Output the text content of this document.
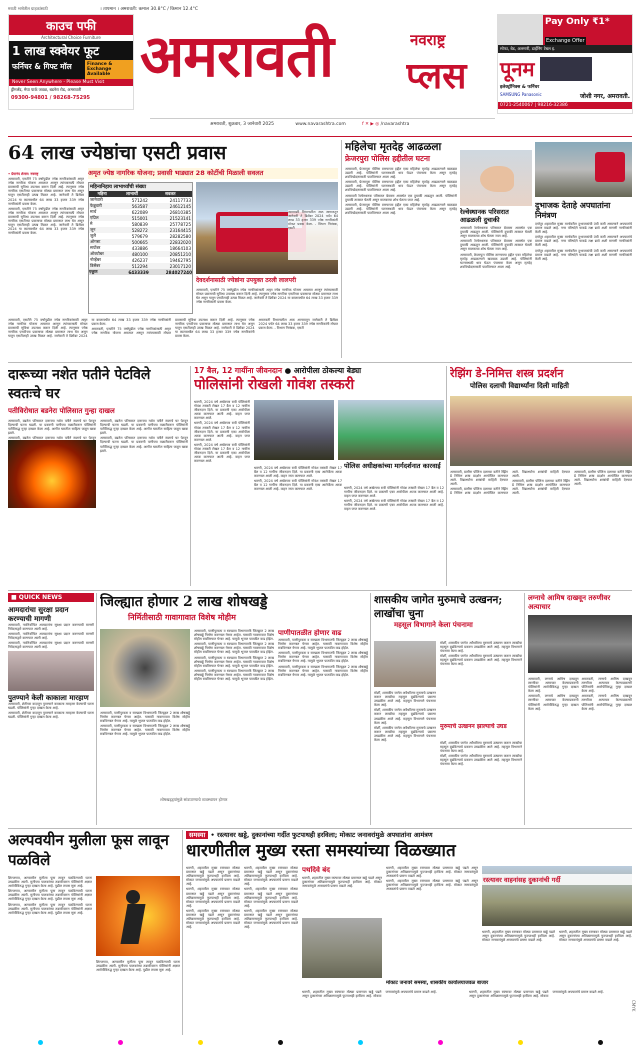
मराठी भाषेतील ग्राहकांसाठी	। तापमान । अमरावती: कमाल 30.8°C / किमान 12.4°C
काउच पफी
Architectural Choice Furniture
1 लाख स्क्वेयर फूट
फर्निचर & गिफ्ट मॉल	Finance & Exchange Available
Never Seen Anywhere - Please Must Visit
ड्रीमलँड, मेघा पार्क जवळ, बडनेरा रोड, अमरावती
09300-94801 / 98268-75295
अमरावती	नवराष्ट्र
प्लस
अमरावती, शुक्रवार, 3 जानेवारी 2025	www.navarashtra.com	f ✕ ▶ ◎ /navarashtra
Pay Only ₹1*
Exchange Offer
सोफा, बेड, अलमारी, डाईनिंग टेबल इ.
पूनम
इलेक्ट्रॉनिक्स & फर्निचर
SAMSUNG Panasonic	जोशी नगर, अमरावती.
0721-2540067 | 98216-32386
64 लाख ज्येष्ठांचा एसटी प्रवास

• प्रेमानंद शेलार। नवराष्ट्र

अमरावती, एसटीने 75 वर्षांपुढील ज्येष्ठ नागरिकांसाठी अमृत ज्येष्ठ नागरिक योजना अमलात आणून त्यांच्यासाठी मोफत प्रवासाची सुविधा उपलब्ध करून दिली आहे. त्यानुसार ज्येष्ठ नागरिक एसटीच्या प्रवासाचा मोठ्या प्रमाणात लाभ घेत असून यातून एसटीलाही उत्पन्न मिळत आहे. जानेवारी ते डिसेंबर 2024 या कालावधीत 64 लाख 33 हजार 339 ज्येष्ठ नागरिकांनी प्रवास केला.

अमरावती, एसटीने 75 वर्षांपुढील ज्येष्ठ नागरिकांसाठी अमृत ज्येष्ठ नागरिक योजना अमलात आणून त्यांच्यासाठी मोफत प्रवासाची सुविधा उपलब्ध करून दिली आहे. त्यानुसार ज्येष्ठ नागरिक एसटीच्या प्रवासाचा मोठ्या प्रमाणात लाभ घेत असून यातून एसटीलाही उत्पन्न मिळत आहे. जानेवारी ते डिसेंबर 2024 या कालावधीत 64 लाख 33 हजार 339 ज्येष्ठ नागरिकांनी प्रवास केला.

अमृत ज्येष्ठ नागरिक योजना; प्रवासी भाड्यात 28 कोटींची मिळाली सवलत
महिनानिहाय लाभार्थ्यांची संख्या
महिना	लाभार्थी	सवलत
जानेवारी	571242	24117733
फेब्रुवारी	563587	24612145
मार्च	622089	26810385
एप्रिल	515001	21523141
मे	580839	25778725
जून	528272	23164415
जुलै	579679	28282580
ऑगस्ट	500665	22832020
सप्टेंबर	433886	18664103
ऑक्टोबर	480100	20851210
नोव्हेंबर	426237	19462795
डिसेंबर	512294	23017120
एकूण	6433339	284027240
देवदर्शनासाठी ज्येष्ठांना उपयुक्त ठरली लालपरी

अमरावती, एसटीने 75 वर्षांपुढील ज्येष्ठ नागरिकांसाठी अमृत ज्येष्ठ नागरिक योजना अमलात आणून त्यांच्यासाठी मोफत प्रवासाची सुविधा उपलब्ध करून दिली आहे. त्यानुसार ज्येष्ठ नागरिक एसटीच्या प्रवासाचा मोठ्या प्रमाणात लाभ घेत असून यातून एसटीलाही उत्पन्न मिळत आहे. जानेवारी ते डिसेंबर 2024 या कालावधीत 64 लाख 33 हजार 339 ज्येष्ठ नागरिकांनी प्रवास केला.

अमरावती विभागातील आठ आगारातून जानेवारी ते डिसेंबर 2024 पर्यंत 64 लाख 33 हजार 339 ज्येष्ठ नागरिकांनी मोफत प्रवास केला. - विभाग नियंत्रक, एसटी

अमरावती, एसटीने 75 वर्षांपुढील ज्येष्ठ नागरिकांसाठी अमृत ज्येष्ठ नागरिक योजना अमलात आणून त्यांच्यासाठी मोफत प्रवासाची सुविधा उपलब्ध करून दिली आहे. त्यानुसार ज्येष्ठ नागरिक एसटीच्या प्रवासाचा मोठ्या प्रमाणात लाभ घेत असून यातून एसटीलाही उत्पन्न मिळत आहे. जानेवारी ते डिसेंबर 2024 या कालावधीत 64 लाख 33 हजार 339 ज्येष्ठ नागरिकांनी प्रवास केला.

अमरावती, एसटीने 75 वर्षांपुढील ज्येष्ठ नागरिकांसाठी अमृत ज्येष्ठ नागरिक योजना अमलात आणून त्यांच्यासाठी मोफत प्रवासाची सुविधा उपलब्ध करून दिली आहे. त्यानुसार ज्येष्ठ नागरिक एसटीच्या प्रवासाचा मोठ्या प्रमाणात लाभ घेत असून यातून एसटीलाही उत्पन्न मिळत आहे. जानेवारी ते डिसेंबर 2024 या कालावधीत 64 लाख 33 हजार 339 ज्येष्ठ नागरिकांनी प्रवास केला.

अमरावती विभागातील आठ आगारातून जानेवारी ते डिसेंबर 2024 पर्यंत 64 लाख 33 हजार 339 ज्येष्ठ नागरिकांनी मोफत प्रवास केला. - विभाग नियंत्रक, एसटी

महिलेचा मृतदेह आढळला
फ्रेजरपुरा पोलिस हद्दीतील घटना

अमरावती, फ्रेजरपुरा पोलिस ठाण्याच्या हद्दीत एका महिलेचा मृतदेह आढळल्याने खळबळ उडाली आहे. पोलिसांनी घटनास्थळी धाव घेऊन पंचनामा केला असून मृतदेह शवविच्छेदनासाठी पाठविण्यात आला आहे.

अमरावती, फ्रेजरपुरा पोलिस ठाण्याच्या हद्दीत एका महिलेचा मृतदेह आढळल्याने खळबळ उडाली आहे. पोलिसांनी घटनास्थळी धाव घेऊन पंचनामा केला असून मृतदेह शवविच्छेदनासाठी पाठविण्यात आला आहे.

अमरावती रेल्वेस्थानक परिसरात बेवारस अवस्थेत एक दुचाकी आढळून आली. पोलिसांनी दुचाकी ताब्यात घेतली असून मालकाचा शोध घेतला जात आहे.

अमरावती, फ्रेजरपुरा पोलिस ठाण्याच्या हद्दीत एका महिलेचा मृतदेह आढळल्याने खळबळ उडाली आहे. पोलिसांनी घटनास्थळी धाव घेऊन पंचनामा केला असून मृतदेह शवविच्छेदनासाठी पाठविण्यात आला आहे.	रेल्वेस्थानक परिसरात आढळली दुचाकी

अमरावती रेल्वेस्थानक परिसरात बेवारस अवस्थेत एक दुचाकी आढळून आली. पोलिसांनी दुचाकी ताब्यात घेतली असून मालकाचा शोध घेतला जात आहे.

अमरावती रेल्वेस्थानक परिसरात बेवारस अवस्थेत एक दुचाकी आढळून आली. पोलिसांनी दुचाकी ताब्यात घेतली असून मालकाचा शोध घेतला जात आहे.

अमरावती, फ्रेजरपुरा पोलिस ठाण्याच्या हद्दीत एका महिलेचा मृतदेह आढळल्याने खळबळ उडाली आहे. पोलिसांनी घटनास्थळी धाव घेऊन पंचनामा केला असून मृतदेह शवविच्छेदनासाठी पाठविण्यात आला आहे.

दुभाजक देताहे अपघातांना निमंत्रण

दर्यापूर शहरातील मुख्य मार्गावरील दुभाजकांची उंची कमी असल्याने अपघातांचे प्रमाण वाढले आहे. नगर परिषदेने याकडे लक्ष द्यावे अशी मागणी नागरिकांनी केली आहे.

दर्यापूर शहरातील मुख्य मार्गावरील दुभाजकांची उंची कमी असल्याने अपघातांचे प्रमाण वाढले आहे. नगर परिषदेने याकडे लक्ष द्यावे अशी मागणी नागरिकांनी केली आहे.

दर्यापूर शहरातील मुख्य मार्गावरील दुभाजकांची उंची कमी असल्याने अपघातांचे प्रमाण वाढले आहे. नगर परिषदेने याकडे लक्ष द्यावे अशी मागणी नागरिकांनी केली आहे.

दारूच्या नशेत पतीने पेटविले स्वतःचे घर
पतीविरोधात बडनेरा पोलिसात गुन्हा दाखल

अमरावती, बडनेरा परिसरात दारूच्या नशेत पतीने स्वतःचे घर पेटवून दिल्याची घटना घडली. या प्रकरणी पत्नीच्या तक्रारीवरून पोलिसांनी पतीविरुद्ध गुन्हा दाखल केला आहे. आगीत घरातील साहित्य जळून खाक झाले.

अमरावती, बडनेरा परिसरात दारूच्या नशेत पतीने स्वतःचे घर पेटवून

अमरावती, बडनेरा परिसरात दारूच्या नशेत पतीने स्वतःचे घर पेटवून दिल्याची घटना घडली. या प्रकरणी पत्नीच्या तक्रारीवरून पोलिसांनी पतीविरुद्ध गुन्हा दाखल केला आहे. आगीत घरातील साहित्य जळून खाक झाले.

अमरावती, बडनेरा परिसरात दारूच्या नशेत पतीने स्वतःचे घर पेटवून दिल्याची घटना घडली. या प्रकरणी पत्नीच्या तक्रारीवरून पोलिसांनी पतीविरुद्ध गुन्हा दाखल केला आहे. आगीत घरातील साहित्य जळून खाक झाले.

17 बैल, 12 गायींना जीवनदान ● आरोपीला ठोकल्या बेड्या
पोलिसांनी रोखली गोवंश तस्करी

धारणी, 2024 वर्ष अखेरच्या रात्री पोलिसांनी गोवंश तस्करी रोखत 17 बैल व 12 गायींना जीवनदान दिले. या प्रकरणी एका आरोपीला अटक करण्यात आली आहे. वाहन जप्त करण्यात आले.

धारणी, 2024 वर्ष अखेरच्या रात्री पोलिसांनी गोवंश तस्करी रोखत 17 बैल व 12 गायींना जीवनदान दिले. या प्रकरणी एका आरोपीला अटक करण्यात आली आहे. वाहन जप्त करण्यात आले.

धारणी, 2024 वर्ष अखेरच्या रात्री पोलिसांनी गोवंश तस्करी रोखत 17 बैल व 12 गायींना जीवनदान दिले. या प्रकरणी एका आरोपीला अटक करण्यात आली आहे. वाहन जप्त करण्यात आले.

पोलिस अधीक्षकांच्या मार्गदर्शनात कारवाई

धारणी, 2024 वर्ष अखेरच्या रात्री पोलिसांनी गोवंश तस्करी रोखत 17 बैल व 12 गायींना जीवनदान दिले. या प्रकरणी एका आरोपीला अटक करण्यात आली आहे. वाहन जप्त करण्यात आले.

धारणी, 2024 वर्ष अखेरच्या रात्री पोलिसांनी गोवंश तस्करी रोखत 17 बैल व 12 गायींना जीवनदान दिले. या प्रकरणी एका आरोपीला अटक करण्यात आली आहे. वाहन जप्त करण्यात आले.	धारणी, 2024 वर्ष अखेरच्या रात्री पोलिसांनी गोवंश तस्करी रोखत 17 बैल व 12 गायींना जीवनदान दिले. या प्रकरणी एका आरोपीला अटक करण्यात आली आहे. वाहन जप्त करण्यात आले.

धारणी, 2024 वर्ष अखेरच्या रात्री पोलिसांनी गोवंश तस्करी रोखत 17 बैल व 12 गायींना जीवनदान दिले. या प्रकरणी एका आरोपीला अटक करण्यात आली आहे. वाहन जप्त करण्यात आले.

रेझिंग डे-निमित्त शस्त्र प्रदर्शन
पोलिस दलाची विद्यार्थ्यांना दिली माहिती

अमरावती, ग्रामीण पोलिस दलाच्या वतीने रेझिंग डे निमित्त शस्त्र प्रदर्शन आयोजित करण्यात आले. विद्यार्थ्यांना शस्त्रांची माहिती देण्यात आली.

अमरावती, ग्रामीण पोलिस दलाच्या वतीने रेझिंग डे निमित्त शस्त्र प्रदर्शन आयोजित करण्यात आले. विद्यार्थ्यांना शस्त्रांची माहिती देण्यात आली.

अमरावती, ग्रामीण पोलिस दलाच्या वतीने रेझिंग डे निमित्त शस्त्र प्रदर्शन आयोजित करण्यात आले. विद्यार्थ्यांना शस्त्रांची माहिती देण्यात आली.

अमरावती, ग्रामीण पोलिस दलाच्या वतीने रेझिंग डे निमित्त शस्त्र प्रदर्शन आयोजित करण्यात आले. विद्यार्थ्यांना शस्त्रांची माहिती देण्यात आली.

■ QUICK NEWS
आमदारांचा सुरक्षा प्रदान करण्याची मागणी

अमरावती, नवनिर्वाचित आमदारांना सुरक्षा प्रदान करण्याची मागणी निवेदनाद्वारे करण्यात आली आहे.

अमरावती, नवनिर्वाचित आमदारांना सुरक्षा प्रदान करण्याची मागणी निवेदनाद्वारे करण्यात आली आहे.

अमरावती, नवनिर्वाचित आमदारांना सुरक्षा प्रदान करण्याची मागणी निवेदनाद्वारे करण्यात आली आहे.

पुतण्याने केली काकाला मारहाण

अमरावती, शेतीच्या वादातून पुतण्याने काकाला मारहाण केल्याची घटना घडली. पोलिसांनी गुन्हा दाखल केला आहे.

अमरावती, शेतीच्या वादातून पुतण्याने काकाला मारहाण केल्याची घटना घडली. पोलिसांनी गुन्हा दाखल केला आहे.

जिल्ह्यात होणार 2 लाख शोषखड्डे
निर्मितीसाठी गावागावात विशेष मोहीम

अमरावती, पाणीपुरवठा व स्वच्छता विभागातर्फे जिल्ह्यात 2 लाख शोषखड्डे निर्माण करण्यात येणार आहेत. यासाठी गावागावात विशेष मोहीम राबविण्यात येणार आहे. यामुळे भूजल पातळीत वाढ होईल.

अमरावती, पाणीपुरवठा व स्वच्छता विभागातर्फे जिल्ह्यात 2 लाख शोषखड्डे निर्माण करण्यात येणार आहेत. यासाठी गावागावात विशेष मोहीम राबविण्यात येणार आहे. यामुळे भूजल पातळीत वाढ होईल.

अमरावती, पाणीपुरवठा व स्वच्छता विभागातर्फे जिल्ह्यात 2 लाख शोषखड्डे निर्माण करण्यात येणार आहेत. यासाठी गावागावात विशेष मोहीम राबविण्यात येणार आहे. यामुळे भूजल पातळीत वाढ होईल.

अमरावती, पाणीपुरवठा व स्वच्छता विभागातर्फे जिल्ह्यात 2 लाख शोषखड्डे निर्माण करण्यात येणार आहेत. यासाठी गावागावात विशेष मोहीम राबविण्यात येणार आहे. यामुळे भूजल पातळीत वाढ होईल.

अमरावती, पाणीपुरवठा व स्वच्छता विभागातर्फे जिल्ह्यात 2 लाख शोषखड्डे निर्माण करण्यात येणार आहेत. यासाठी गावागावात विशेष मोहीम राबविण्यात येणार आहे. यामुळे भूजल पातळीत वाढ होईल.

अमरावती, पाणीपुरवठा व स्वच्छता विभागातर्फे जिल्ह्यात 2 लाख शोषखड्डे निर्माण करण्यात येणार आहेत. यासाठी गावागावात विशेष मोहीम राबविण्यात येणार आहे. यामुळे भूजल पातळीत वाढ होईल.

पाणीपातळीत होणार वाढ

अमरावती, पाणीपुरवठा व स्वच्छता विभागातर्फे जिल्ह्यात 2 लाख शोषखड्डे निर्माण करण्यात येणार आहेत. यासाठी गावागावात विशेष मोहीम राबविण्यात येणार आहे. यामुळे भूजल पातळीत वाढ होईल.

अमरावती, पाणीपुरवठा व स्वच्छता विभागातर्फे जिल्ह्यात 2 लाख शोषखड्डे निर्माण करण्यात येणार आहेत. यासाठी गावागावात विशेष मोहीम राबविण्यात येणार आहे. यामुळे भूजल पातळीत वाढ होईल.

अमरावती, पाणीपुरवठा व स्वच्छता विभागातर्फे जिल्ह्यात 2 लाख शोषखड्डे निर्माण करण्यात येणार आहेत. यासाठी गावागावात विशेष मोहीम राबविण्यात येणार आहे. यामुळे भूजल पातळीत वाढ होईल.

शोषखड्ड्यांमुळे सांडपाण्याचे व्यवस्थापन होणार
शासकीय जागेत मुरुमाचे उत्खनन; लाखोंचा चुना
महसूल विभागाने केला पंचनामा

मोर्शी, शासकीय जागेत अवैधरित्या मुरुमाचे उत्खनन करून लाखोंचा महसूल बुडविल्याचे प्रकरण उघडकीस आले आहे. महसूल विभागाने पंचनामा केला आहे.

मोर्शी, शासकीय जागेत अवैधरित्या मुरुमाचे उत्खनन करून लाखोंचा महसूल बुडविल्याचे प्रकरण उघडकीस आले आहे. महसूल विभागाने पंचनामा केला आहे.

मोर्शी, शासकीय जागेत अवैधरित्या मुरुमाचे उत्खनन करून लाखोंचा महसूल बुडविल्याचे प्रकरण उघडकीस आले आहे. महसूल विभागाने पंचनामा केला आहे.

मोर्शी, शासकीय जागेत अवैधरित्या मुरुमाचे उत्खनन करून लाखोंचा महसूल बुडविल्याचे प्रकरण उघडकीस आले आहे. महसूल विभागाने पंचनामा केला आहे.

मोर्शी, शासकीय जागेत अवैधरित्या मुरुमाचे उत्खनन करून लाखोंचा महसूल बुडविल्याचे प्रकरण उघडकीस आले आहे. महसूल विभागाने पंचनामा केला आहे.

मुरुमाचे उत्खनन झाल्याचे उघड

मोर्शी, शासकीय जागेत अवैधरित्या मुरुमाचे उत्खनन करून लाखोंचा महसूल बुडविल्याचे प्रकरण उघडकीस आले आहे. महसूल विभागाने पंचनामा केला आहे.

मोर्शी, शासकीय जागेत अवैधरित्या मुरुमाचे उत्खनन करून लाखोंचा महसूल बुडविल्याचे प्रकरण उघडकीस आले आहे. महसूल विभागाने पंचनामा केला आहे.

लग्नाचे आमिष दाखवून तरुणीवर अत्याचार

अमरावती, लग्नाचे आमिष दाखवून तरुणीवर अत्याचार केल्याप्रकरणी पोलिसांनी आरोपीविरुद्ध गुन्हा दाखल केला आहे.

अमरावती, लग्नाचे आमिष दाखवून तरुणीवर अत्याचार केल्याप्रकरणी पोलिसांनी आरोपीविरुद्ध गुन्हा दाखल केला आहे.

अमरावती, लग्नाचे आमिष दाखवून तरुणीवर अत्याचार केल्याप्रकरणी पोलिसांनी आरोपीविरुद्ध गुन्हा दाखल केला आहे.

अमरावती, लग्नाचे आमिष दाखवून तरुणीवर अत्याचार केल्याप्रकरणी पोलिसांनी आरोपीविरुद्ध गुन्हा दाखल केला आहे.

अल्पवयीन मुलीला फूस लावून पळविले

शिरजगाव, अल्पवयीन मुलीला फूस लावून पळविल्याची घटना उघडकीस आली. मुलीच्या पालकांच्या तक्रारीवरून पोलिसांनी अज्ञात आरोपीविरुद्ध गुन्हा दाखल केला आहे. पुढील तपास सुरू आहे.

शिरजगाव, अल्पवयीन मुलीला फूस लावून पळविल्याची घटना उघडकीस आली. मुलीच्या पालकांच्या तक्रारीवरून पोलिसांनी अज्ञात आरोपीविरुद्ध गुन्हा दाखल केला आहे. पुढील तपास सुरू आहे.

शिरजगाव, अल्पवयीन मुलीला फूस लावून पळविल्याची घटना उघडकीस आली. मुलीच्या पालकांच्या तक्रारीवरून पोलिसांनी अज्ञात आरोपीविरुद्ध गुन्हा दाखल केला आहे. पुढील तपास सुरू आहे.

शिरजगाव, अल्पवयीन मुलीला फूस लावून पळविल्याची घटना उघडकीस आली. मुलीच्या पालकांच्या तक्रारीवरून पोलिसांनी अज्ञात आरोपीविरुद्ध गुन्हा दाखल केला आहे. पुढील तपास सुरू आहे.

समस्या • रस्त्यावर खड्डे, दुकानांच्या गर्दीत फुटपाथही हरविला; मोकाट जनावरांमुळे अपघातांना आमंत्रण
धारणीतील मुख्य रस्ता समस्यांच्या विळख्यात

धारणी, शहरातील मुख्य रस्त्यावर मोठ्या प्रमाणात खड्डे पडले असून दुकानांच्या अतिक्रमणामुळे फुटपाथही हरविला आहे. मोकाट जनावरांमुळे अपघातांचे प्रमाण वाढले आहे.

धारणी, शहरातील मुख्य रस्त्यावर मोठ्या प्रमाणात खड्डे पडले असून दुकानांच्या अतिक्रमणामुळे फुटपाथही हरविला आहे. मोकाट जनावरांमुळे अपघातांचे प्रमाण वाढले आहे.

धारणी, शहरातील मुख्य रस्त्यावर मोठ्या प्रमाणात खड्डे पडले असून दुकानांच्या अतिक्रमणामुळे फुटपाथही हरविला आहे. मोकाट जनावरांमुळे अपघातांचे प्रमाण वाढले आहे.

धारणी, शहरातील मुख्य रस्त्यावर मोठ्या प्रमाणात खड्डे पडले असून दुकानांच्या अतिक्रमणामुळे फुटपाथही हरविला आहे. मोकाट जनावरांमुळे अपघातांचे प्रमाण वाढले आहे.

धारणी, शहरातील मुख्य रस्त्यावर मोठ्या प्रमाणात खड्डे पडले असून दुकानांच्या अतिक्रमणामुळे फुटपाथही हरविला आहे. मोकाट जनावरांमुळे अपघातांचे प्रमाण वाढले आहे.

धारणी, शहरातील मुख्य रस्त्यावर मोठ्या प्रमाणात खड्डे पडले असून दुकानांच्या अतिक्रमणामुळे फुटपाथही हरविला आहे. मोकाट जनावरांमुळे अपघातांचे प्रमाण वाढले आहे.

पथदिवे बंद

धारणी, शहरातील मुख्य रस्त्यावर मोठ्या प्रमाणात खड्डे पडले असून दुकानांच्या अतिक्रमणामुळे फुटपाथही हरविला आहे. मोकाट जनावरांमुळे अपघातांचे प्रमाण वाढले आहे.

धारणी, शहरातील मुख्य रस्त्यावर मोठ्या प्रमाणात खड्डे पडले असून दुकानांच्या अतिक्रमणामुळे फुटपाथही हरविला आहे. मोकाट जनावरांमुळे अपघातांचे प्रमाण वाढले आहे.

धारणी, शहरातील मुख्य रस्त्यावर मोठ्या प्रमाणात खड्डे पडले असून दुकानांच्या अतिक्रमणामुळे फुटपाथही हरविला आहे. मोकाट जनावरांमुळे अपघातांचे प्रमाण वाढले आहे.

रस्त्यावर वाहनांसह दुकानांची गर्दी

धारणी, शहरातील मुख्य रस्त्यावर मोठ्या प्रमाणात खड्डे पडले असून दुकानांच्या अतिक्रमणामुळे फुटपाथही हरविला आहे. मोकाट जनावरांमुळे अपघातांचे प्रमाण वाढले आहे.

धारणी, शहरातील मुख्य रस्त्यावर मोठ्या प्रमाणात खड्डे पडले असून दुकानांच्या अतिक्रमणामुळे फुटपाथही हरविला आहे. मोकाट जनावरांमुळे अपघातांचे प्रमाण वाढले आहे.

मोकाट जनावरे समस्या, शासकीय कार्यालयाजवळ बाजार

धारणी, शहरातील मुख्य रस्त्यावर मोठ्या प्रमाणात खड्डे पडले असून दुकानांच्या अतिक्रमणामुळे फुटपाथही हरविला आहे. मोकाट जनावरांमुळे अपघातांचे प्रमाण वाढले आहे.	धारणी, शहरातील मुख्य रस्त्यावर मोठ्या प्रमाणात खड्डे पडले असून दुकानांच्या अतिक्रमणामुळे फुटपाथही हरविला आहे. मोकाट जनावरांमुळे अपघातांचे प्रमाण वाढले आहे.

CMYK
